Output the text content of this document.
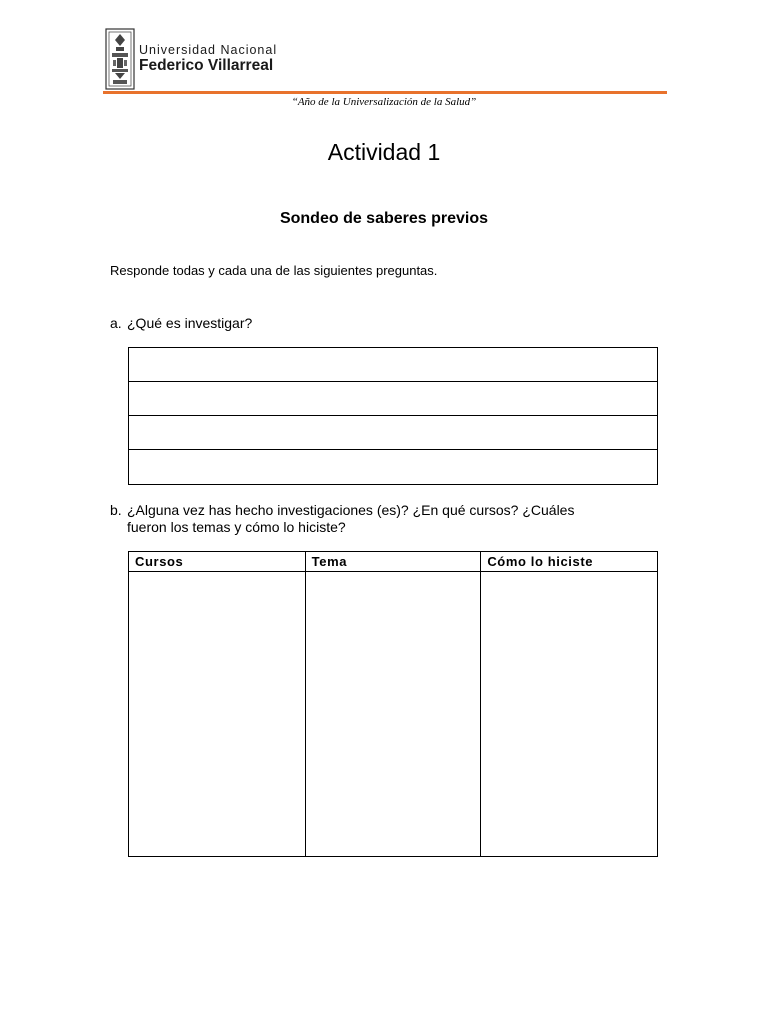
Universidad Nacional
Federico Villarreal
“Año de la Universalización de la Salud”
Actividad 1
Sondeo de saberes previos
Responde todas y cada una de las siguientes preguntas.
a. ¿Qué es investigar?
b. ¿Alguna vez has hecho investigaciones (es)? ¿En qué cursos? ¿Cuáles
fueron los temas y cómo lo hiciste?
Cursos	Tema	Cómo lo hiciste
